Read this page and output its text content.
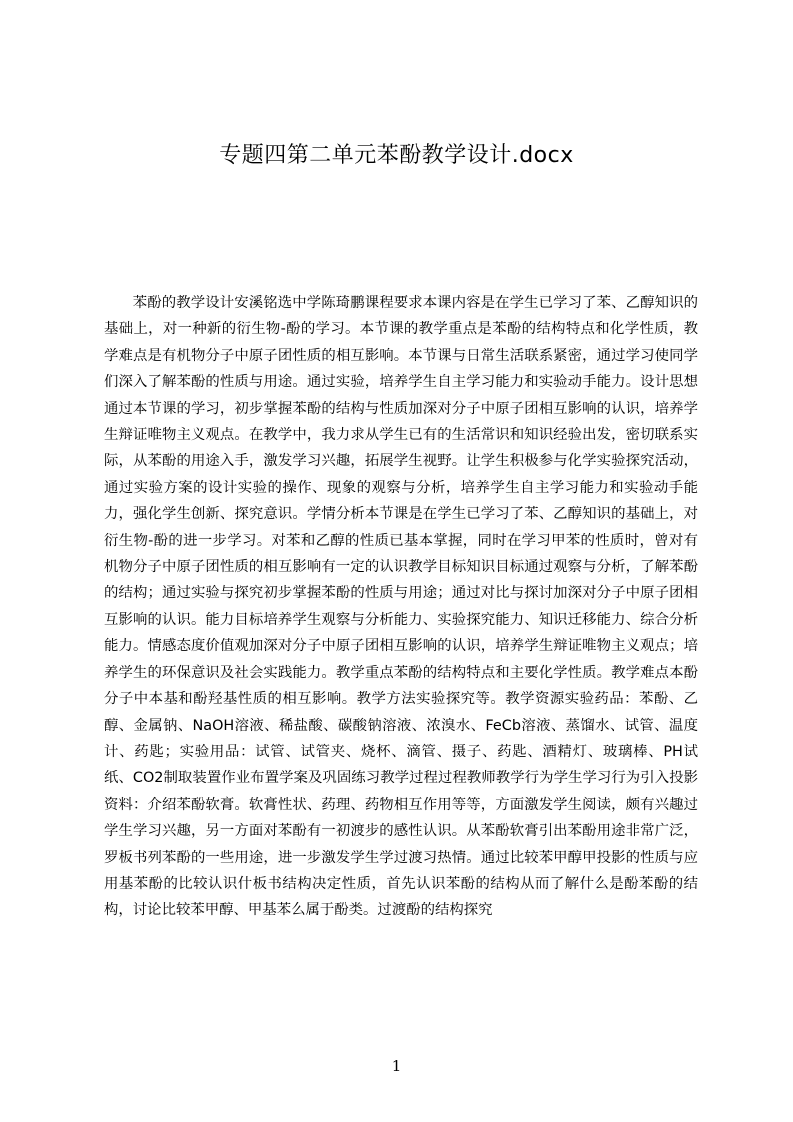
专题四第二单元苯酚教学设计.docx

苯酚的教学设计安溪铭选中学陈琦鹏课程要求本课内容是在学生已学习了苯、乙醇知识的基础上，对一种新的衍生物-酚的学习。本节课的教学重点是苯酚的结构特点和化学性质，教学难点是有机物分子中原子团性质的相互影响。本节课与日常生活联系紧密，通过学习使同学们深入了解苯酚的性质与用途。通过实验，培养学生自主学习能力和实验动手能力。设计思想通过本节课的学习，初步掌握苯酚的结构与性质加深对分子中原子团相互影响的认识，培养学生辩证唯物主义观点。在教学中，我力求从学生已有的生活常识和知识经验出发，密切联系实际，从苯酚的用途入手，激发学习兴趣，拓展学生视野。让学生积极参与化学实验探究活动，通过实验方案的设计实验的操作、现象的观察与分析，培养学生自主学习能力和实验动手能力，强化学生创新、探究意识。学情分析本节课是在学生已学习了苯、乙醇知识的基础上，对衍生物-酚的进一步学习。对苯和乙醇的性质已基本掌握，同时在学习甲苯的性质时，曾对有机物分子中原子团性质的相互影响有一定的认识教学目标知识目标通过观察与分析，了解苯酚的结构；通过实验与探究初步掌握苯酚的性质与用途；通过对比与探讨加深对分子中原子团相互影响的认识。能力目标培养学生观察与分析能力、实验探究能力、知识迁移能力、综合分析能力。情感态度价值观加深对分子中原子团相互影响的认识，培养学生辩证唯物主义观点；培养学生的环保意识及社会实践能力。教学重点苯酚的结构特点和主要化学性质。教学难点本酚分子中本基和酚羟基性质的相互影响。教学方法实验探究等。教学资源实验药品：苯酚、乙醇、金属钠、NaOH溶液、稀盐酸、碳酸钠溶液、浓溴水、FeCb溶液、蒸馏水、试管、温度计、药匙；实验用品：试管、试管夹、烧杯、滴管、摄子、药匙、酒精灯、玻璃棒、PH试纸、CO2制取装置作业布置学案及巩固练习教学过程过程教师教学行为学生学习行为引入投影资料：介绍苯酚软膏。软膏性状、药理、药物相互作用等等，方面激发学生阅读，颇有兴趣过学生学习兴趣，另一方面对苯酚有一初渡步的感性认识。从苯酚软膏引出苯酚用途非常广泛，罗板书列苯酚的一些用途，进一步激发学生学过渡习热情。通过比较苯甲醇甲投影的性质与应用基苯酚的比较认识什板书结构决定性质，首先认识苯酚的结构从而了解什么是酚苯酚的结构，讨论比较苯甲醇、甲基苯么属于酚类。过渡酚的结构探究

1
